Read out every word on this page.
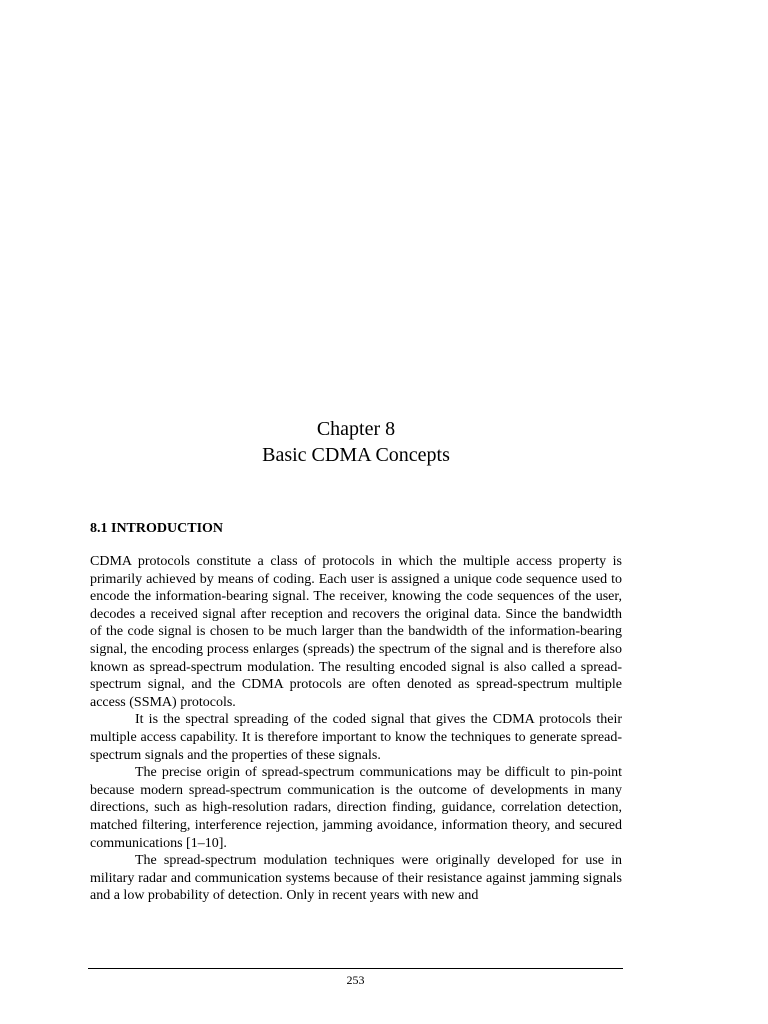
Chapter 8
Basic CDMA Concepts
8.1 INTRODUCTION

CDMA protocols constitute a class of protocols in which the multiple access property is primarily achieved by means of coding. Each user is assigned a unique code sequence used to encode the information-bearing signal. The receiver, knowing the code sequences of the user, decodes a received signal after reception and recovers the original data. Since the bandwidth of the code signal is chosen to be much larger than the bandwidth of the information-bearing signal, the encoding process enlarges (spreads) the spectrum of the signal and is therefore also known as spread-spectrum modulation. The resulting encoded signal is also called a spread-spectrum signal, and the CDMA protocols are often denoted as spread-spectrum multiple access (SSMA) protocols.

It is the spectral spreading of the coded signal that gives the CDMA protocols their multiple access capability. It is therefore important to know the techniques to generate spread-spectrum signals and the properties of these signals.

The precise origin of spread-spectrum communications may be difficult to pin-point because modern spread-spectrum communication is the outcome of developments in many directions, such as high-resolution radars, direction finding, guidance, correlation detection, matched filtering, interference rejection, jamming avoidance, information theory, and secured communications [1–10].

The spread-spectrum modulation techniques were originally developed for use in military radar and communication systems because of their resistance against jamming signals and a low probability of detection. Only in recent years with new and

253
